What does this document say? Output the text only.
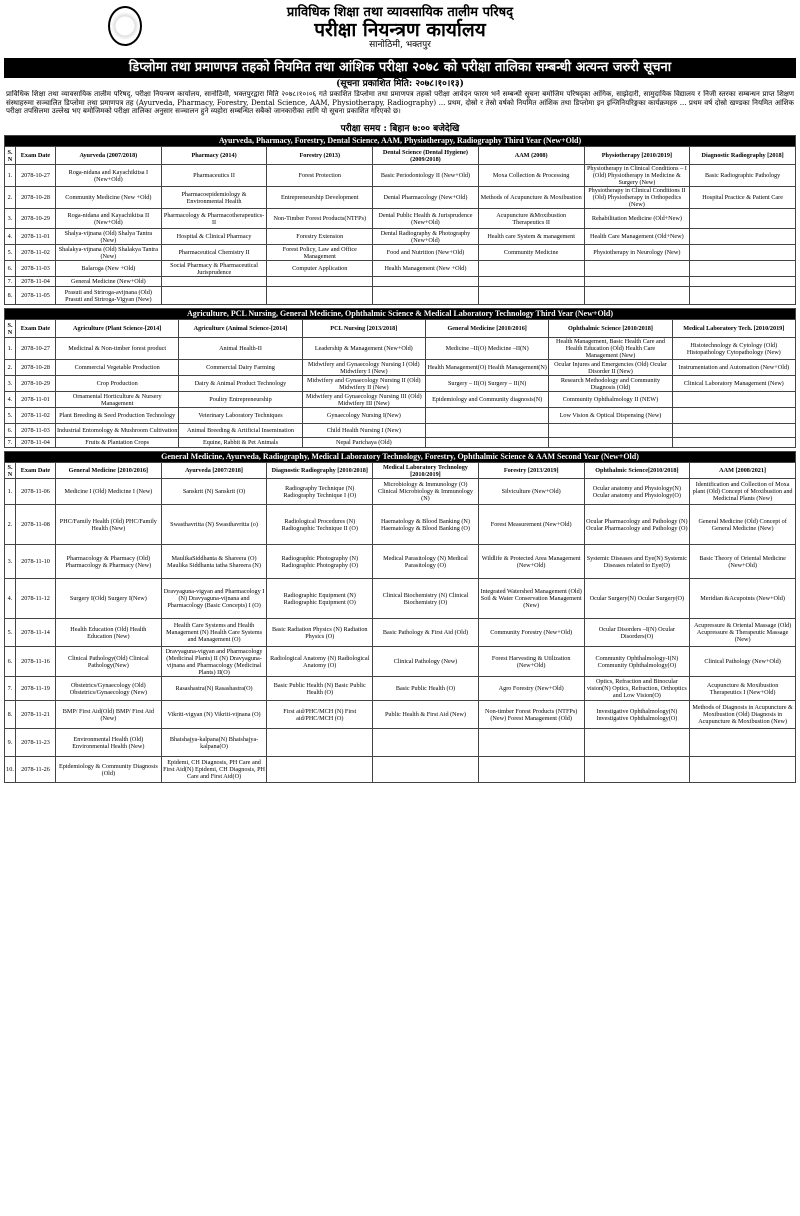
प्राविधिक शिक्षा तथा व्यावसायिक तालीम परिषद्
परीक्षा नियन्त्रण कार्यालय
सानोठिमी, भक्तपुर
डिप्लोमा तथा प्रमाणपत्र तहको नियमित तथा आंशिक परीक्षा २०७८ को परीक्षा तालिका सम्बन्धी अत्यन्त जरुरी सूचना
(सूचना प्रकाशित मिति: २०७८।१०।१३)
प्राविधिक शिक्षा तथा व्यावसायिक तालीम परिषद्, परीक्षा नियन्त्रण कार्यालय, सानोठिमी, भक्तपुरद्वारा मिति २०७८।१०।०६ गते प्रकाशित डिप्लोमा तथा प्रमाणपत्र तहको परीक्षा आवेदन फारम भर्ने सम्बन्धी सूचना बमोजिम परिषद्का आंगिक, साझेदारी, सामुदायिक विद्यालय र निजी स्तरका सम्बन्धन प्राप्त शिक्षण संस्थाहरुमा सञ्चालित डिप्लोमा तथा प्रमाणपत्र तह (Ayurveda, Pharmacy, Forestry, Dental Science, AAM, Physiotherapy, Radiography) ... प्रथम, दोस्रो र तेस्रो वर्षको नियमित आंशिक तथा डिप्लोमा इन इन्जिनियरिङ्गका कार्यक्रमहरु ... प्रथम वर्ष दोस्रो खण्डका नियमित आंशिक परीक्षा तपसिलमा उल्लेख भए बमोजिमको परीक्षा तालिका अनुसार सञ्चालन हुने व्यहोरा सम्बन्धित सबैको जानकारीका लागि यो सूचना प्रकाशित गरिएको छ।
परीक्षा समय : बिहान ७:०० बजेदेखि
Ayurveda, Pharmacy, Forestry, Dental Science, AAM, Physiotherapy, Radiography Third Year (New+Old)								
S. N	Exam Date	Ayurveda (2007/2018)	Pharmacy (2014)	Forestry (2013)	Dental Science (Dental Hygiene) (2009/2018)	AAM (2008)	Physiotherapy [2010/2019]	Diagnostic Radiography [2018]
1.	2078-10-27	Roga-nidana and Kayachikitsa I (New+Old)	Pharmaceutics II	Forest Protection	Basic Periodontology II (New+Old)	Moxa Collection & Processing	Physiotherapy in Clinical Conditions – I (Old) Physiotherapy in Medicine & Surgery (New)	Basic Radiographic Pathology
2.	2078-10-28	Community Medicine (New +Old)	Pharmacoepidemiology & Environmental Health	Entrepreneurship Development	Dental Pharmacology (New+Old)	Methods of Acupuncture & Moxibustion	Physiotherapy in Clinical Conditions II (Old) Physiotherapy in Orthopedics (New)	Hospital Practice & Patient Care
3.	2078-10-29	Roga-nidana and Kayachikitsa II (New+Old)	Pharmacology & Pharmacotherapeutics-II	Non-Timber Forest Products(NTFPs)	Dental Public Health & Jurisprudence (New+Old)	Acupuncture &Moxibustion Therapeutics II	Rehabilitation Medicine (Old+New)	
4.	2078-11-01	Shalya-vijnana (Old) Shalya Tantra (New)	Hospital & Clinical Pharmacy	Forestry Extension	Dental Radiography & Photography (New+Old)	Health care System & management	Health Care Management (Old+New)	
5.	2078-11-02	Shalakya-vijnana (Old) Shalakya Tantra (New)	Pharmaceutical Chemistry II	Forest Policy, Law and Office Management	Food and Nutrition (New+Old)	Community Medicine	Physiotherapy in Neurology (New)	
6.	2078-11-03	Balaroga (New +Old)	Social Pharmacy & Pharmaceutical Jurisprudence	Computer Application	Health Management (New +Old)			
7.	2078-11-04	General Medicine (New+Old)						
8.	2078-11-05	Prasuti and Striroga-avijnana (Old) Prasuti and Striroga-Vigyan (New)						
Agriculture, PCL Nursing, General Medicine, Ophthalmic Science & Medical Laboratory Technology Third Year (New+Old)							
S. N	Exam Date	Agriculture (Plant Science-[2014]	Agriculture (Animal Science-[2014]	PCL Nursing [2013/2018]	General Medicine [2010/2016]	Ophthalmic Science [2010/2018]	Medical Laboratory Tech. [2010/2019]
1.	2078-10-27	Medicinal & Non-timber forest product	Animal Health-II	Leadership & Management (New+Old)	Medicine –II(O) Medicine –II(N)	Health Management, Basic Health Care and Health Education (Old) Health Care Management (New)	Histotechnology & Cytology (Old) Histopathology Cytopathology (New)
2.	2078-10-28	Commercial Vegetable Production	Commercial Dairy Farming	Midwifery and Gynaecology Nursing I (Old) Midwifery I (New)	Health Management(O) Health Management(N)	Ocular Injures and Emergencies (Old) Ocular Disorder II (New)	Instrumentation and Automation (New+Old)
3.	2078-10-29	Crop Production	Dairy & Animal Product Technology	Midwifery and Gynaecology Nursing II (Old) Midwifery II (New)	Surgery – II(O) Surgery – II(N)	Research Methodology and Community Diagnosis (Old)	Clinical Laboratory Management (New)
4.	2078-11-01	Ornamental Horticulture & Nursery Management	Poultry Entrepreneurship	Midwifery and Gynaecology Nursing III (Old) Midwifery III (New)	Epidemiology and Community diagnosis(N)	Community Ophthalmology II (NEW)	
5.	2078-11-02	Plant Breeding & Seed Production Technology	Veterinary Laboratory Techniques	Gynaecology Nursing I(New)		Low Vision & Optical Dispensing (New)	
6.	2078-11-03	Industrial Entomology & Mushroom Cultivation	Animal Breeding & Artificial Insemination	Child Health Nursing I (New)			
7.	2078-11-04	Fruits & Plantation Crops	Equine, Rabbit & Pet Animals	Nepal Parichaya (Old)			
General Medicine, Ayurveda, Radiography, Medical Laboratory Technology, Forestry, Ophthalmic Science & AAM Second Year (New+Old)								
S. N	Exam Date	General Medicine [2010/2016]	Ayurveda [2007/2018]	Diagnostic Radiography [2010/2018]	Medical Laboratory Technology [2010/2019]	Forestry [2013/2019]	Ophthalmic Science[2010/2018]	AAM [2008/2021]
1.	2078-11-06	Medicine I (Old) Medicine I (New)	Sanskrit (N) Sanskrit (O)	Radiography Technique (N) Radiography Technique I (O)	Microbiology & Immunology (O) Clinical Microbiology & Immunology (N)	Silviculture (New+Old)	Ocular anatomy and Physiology(N) Ocular anatomy and Physiology(O)	Identification and Collection of Moxa plant (Old) Concept of Moxibustion and Medicinal Plants (New)
2.	2078-11-08	PHC/Family Health (Old) PHC/Family Health (New)	Swasthavritta (N) Swasthavritta (o)	Radiological Procedures (N) Radiographic Technique II (O)	Haematology & Blood Banking (N) Haematology & Blood Banking (O)	Forest Measurement (New+Old)	Ocular Pharmacology and Pathology (N) Ocular Pharmacology and Pathology (O)	General Medicine (Old) Concept of General Medicine (New)
3.	2078-11-10	Pharmacology & Pharmacy (Old) Pharmacology & Pharmacy (New)	MaulikaSiddhanta & Shareera (O) Maulika Siddhanta tatha Shareera (N)	Radiographic Photography (N) Radiographic Photography (O)	Medical Parasitology (N) Medical Parasitology (O)	Wildlife & Protected Area Management (New+Old)	Systemic Diseases and Eye(N) Systemic Diseases related to Eye(O)	Basic Theory of Oriental Medicine (New+Old)
4.	2078-11-12	Surgery I(Old) Surgery I(New)	Dravyaguna-vigyan and Pharmacology I (N) Dravyaguna-vijnana and Pharmacology (Basic Concepts) I (O)	Radiographic Equipment (N) Radiographic Equipment (O)	Clinical Biochemistry (N) Clinical Biochemistry (O)	Integrated Watershed Management (Old) Soil & Water Conservation Management (New)	Ocular Surgery(N) Ocular Surgery(O)	Meridian &Acupoints (New+Old)
5.	2078-11-14	Health Education (Old) Health Education (New)	Health Care Systems and Health Management (N) Health Care Systems and Management (O)	Basic Radiation Physics (N) Radiation Physics (O)	Basic Pathology & First Aid (Old)	Community Forestry (New+Old)	Ocular Disorders –I(N) Ocular Disorders(O)	Acupressure & Oriental Massage (Old) Acupressure & Therapeutic Massage (New)
6.	2078-11-16	Clinical Pathology(Old) Clinical Pathology(New)	Dravyaguna-vigyan and Pharmacology (Medicinal Plants) II (N) Dravyaguna-vijnana and Pharmacology (Medicinal Plants) II(O)	Radiological Anatomy (N) Radiological Anatomy (O)	Clinical Pathology (New)	Forest Harvesting & Utilization (New+Old)	Community Ophthalmology-I(N) Community Ophthalmology(O)	Clinical Pathology (New+Old)
7.	2078-11-19	Obstetrics/Gynaecology (Old) Obstetrics/Gynaecology (New)	Rasashastra(N) Rasashastra(O)	Basic Public Health (N) Basic Public Health (O)	Basic Public Health (O)	Agro Forestry (New+Old)	Optics, Refraction and Binocular vision(N) Optics, Refraction, Orthoptics and Low Vision(O)	Acupuncture & Moxibustion Therapeutics I (New+Old)
8.	2078-11-21	BMP/ First Aid(Old) BMP/ First Aid (New)	Vikriti-vigyan (N) Vikriti-vijnana (O)	First aid/PHC/MCH (N) First aid/PHC/MCH (O)	Public Health & First Aid (New)	Non-timber Forest Products (NTFPs) (New) Forest Management (Old)	Investigative Ophthalmology(N) Investigative Ophthalmology(O)	Methods of Diagnosis in Acupuncture & Moxibustion (Old) Diagnosis in Acupuncture & Moxibustion (New)
9.	2078-11-23	Environmental Health (Old) Environmental Health (New)	Bhaishajya-kalpana(N) Bhaishajya-kalpana(O)					
10.	2078-11-26	Epidemiology & Community Diagnosis (Old)	Epidemi, CH Diagnosis, PH Care and First Aid(N) Epidemi, CH Diagnosis, PH Care and First Aid(O)					
